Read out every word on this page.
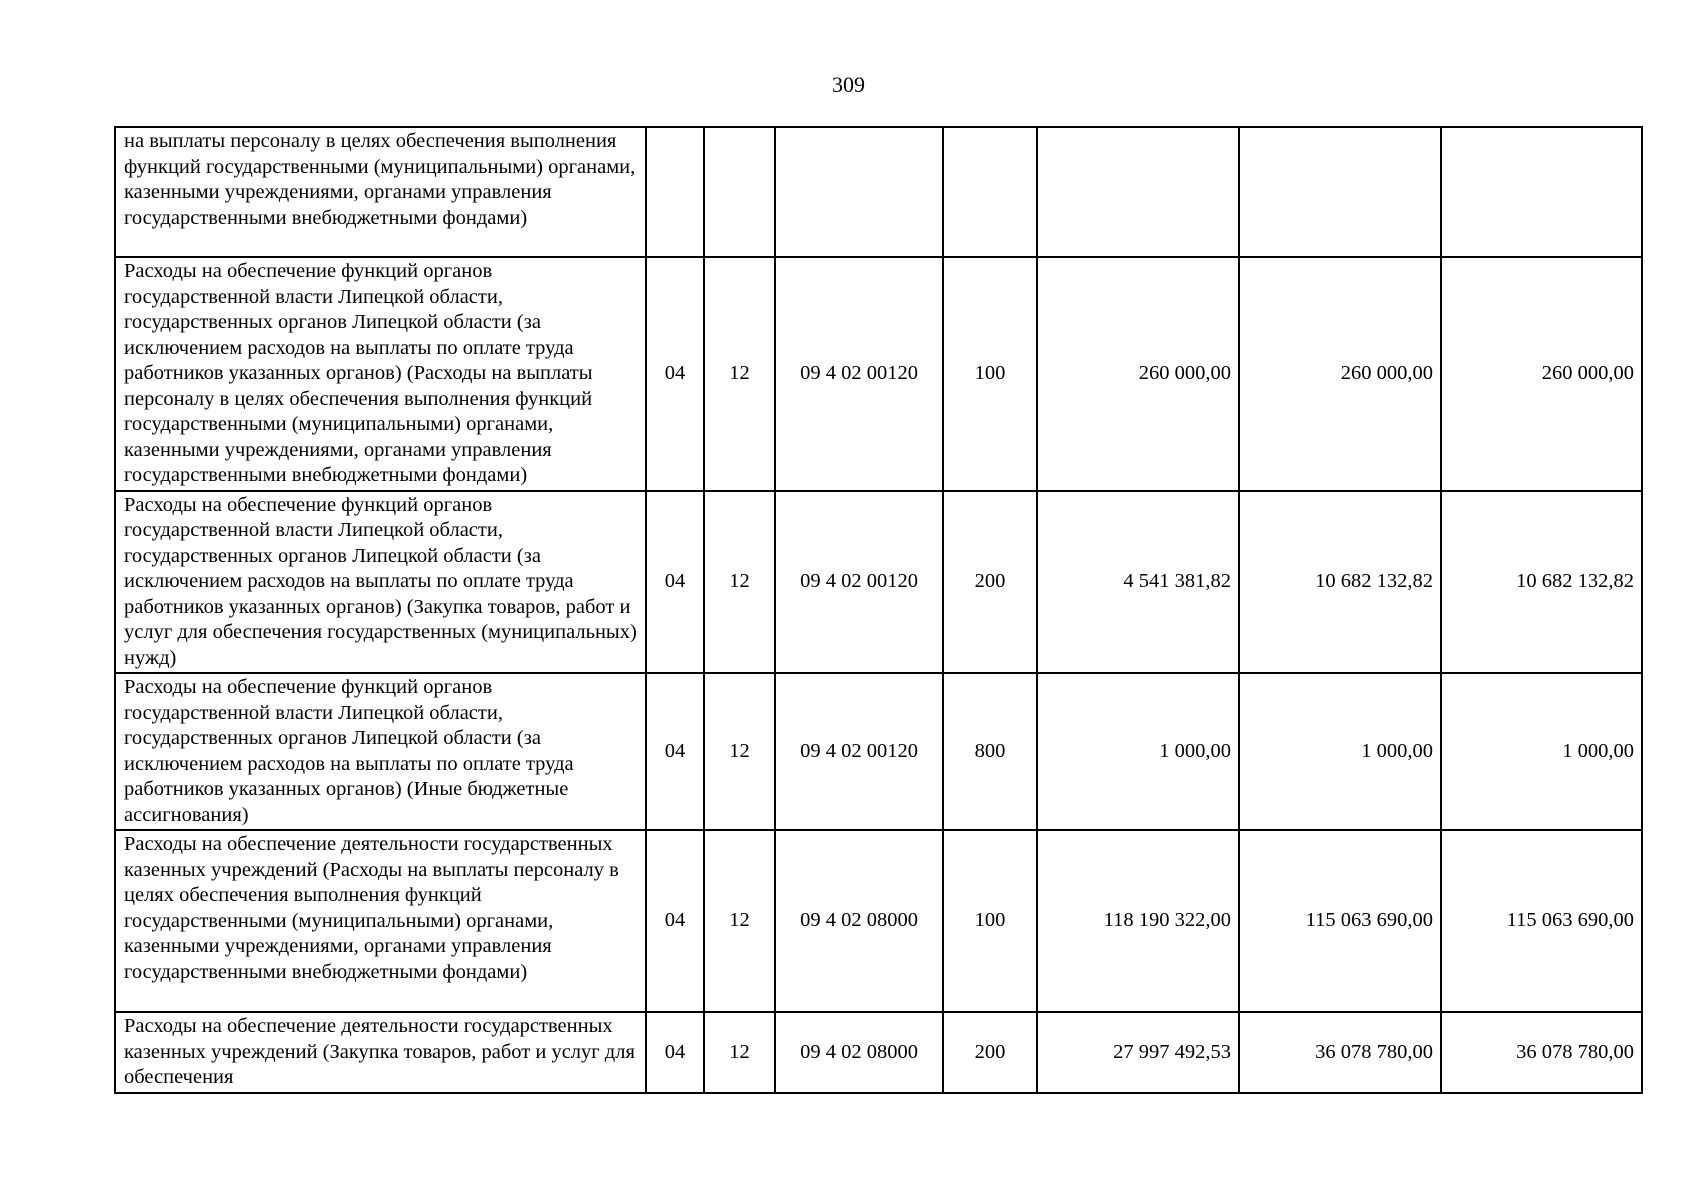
309
на выплаты персоналу в целях обеспечения выполнения функций государственными (муниципальными) органами, казенными учреждениями, органами управления государственными внебюджетными фондами)							
Расходы на обеспечение функций органов государственной власти Липецкой области, государственных органов Липецкой области (за исключением расходов на выплаты по оплате труда работников указанных органов) (Расходы на выплаты персоналу в целях обеспечения выполнения функций государственными (муниципальными) органами, казенными учреждениями, органами управления государственными внебюджетными фондами)	04	12	09 4 02 00120	100	260 000,00	260 000,00	260 000,00
Расходы на обеспечение функций органов государственной власти Липецкой области, государственных органов Липецкой области (за исключением расходов на выплаты по оплате труда работников указанных органов) (Закупка товаров, работ и услуг для обеспечения государственных (муниципальных) нужд)	04	12	09 4 02 00120	200	4 541 381,82	10 682 132,82	10 682 132,82
Расходы на обеспечение функций органов государственной власти Липецкой области, государственных органов Липецкой области (за исключением расходов на выплаты по оплате труда работников указанных органов) (Иные бюджетные ассигнования)	04	12	09 4 02 00120	800	1 000,00	1 000,00	1 000,00
Расходы на обеспечение деятельности государственных казенных учреждений (Расходы на выплаты персоналу в целях обеспечения выполнения функций государственными (муниципальными) органами, казенными учреждениями, органами управления государственными внебюджетными фондами)	04	12	09 4 02 08000	100	118 190 322,00	115 063 690,00	115 063 690,00
Расходы на обеспечение деятельности государственных казенных учреждений (Закупка товаров, работ и услуг для обеспечения	04	12	09 4 02 08000	200	27 997 492,53	36 078 780,00	36 078 780,00
